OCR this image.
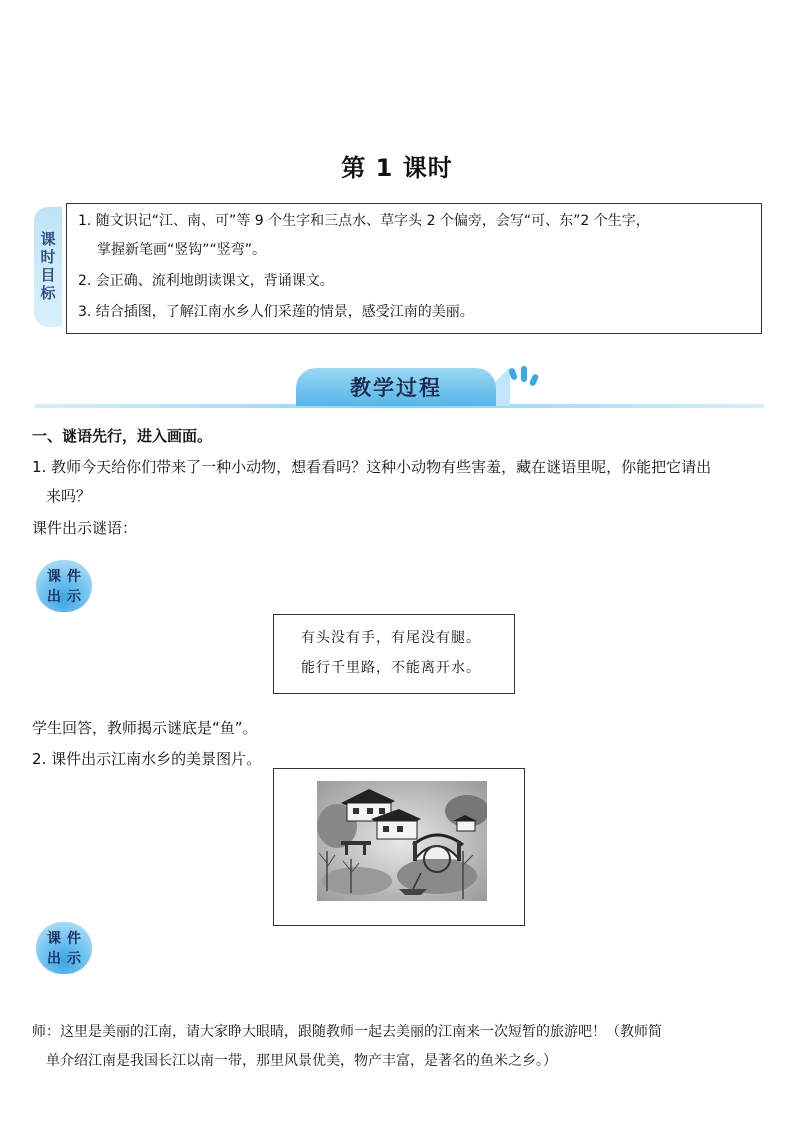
第 1 课时
课时目标
1. 随文识记“江、南、可”等 9 个生字和三点水、草字头 2 个偏旁，会写“可、东”2 个生字，
掌握新笔画“竖钩”“竖弯”。
2. 会正确、流利地朗读课文，背诵课文。
3. 结合插图，了解江南水乡人们采莲的情景，感受江南的美丽。
教学过程
一、谜语先行，进入画面。
1. 教师今天给你们带来了一种小动物，想看看吗？这种小动物有些害羞，藏在谜语里呢，你能把它请出
来吗？
课件出示谜语：
课 件
出 示
有头没有手，有尾没有腿。
能行千里路，不能离开水。
学生回答，教师揭示谜底是“鱼”。
2. 课件出示江南水乡的美景图片。
课 件
出 示
师：这里是美丽的江南，请大家睁大眼睛，跟随教师一起去美丽的江南来一次短暂的旅游吧！（教师简
单介绍江南是我国长江以南一带，那里风景优美，物产丰富，是著名的鱼米之乡。）
